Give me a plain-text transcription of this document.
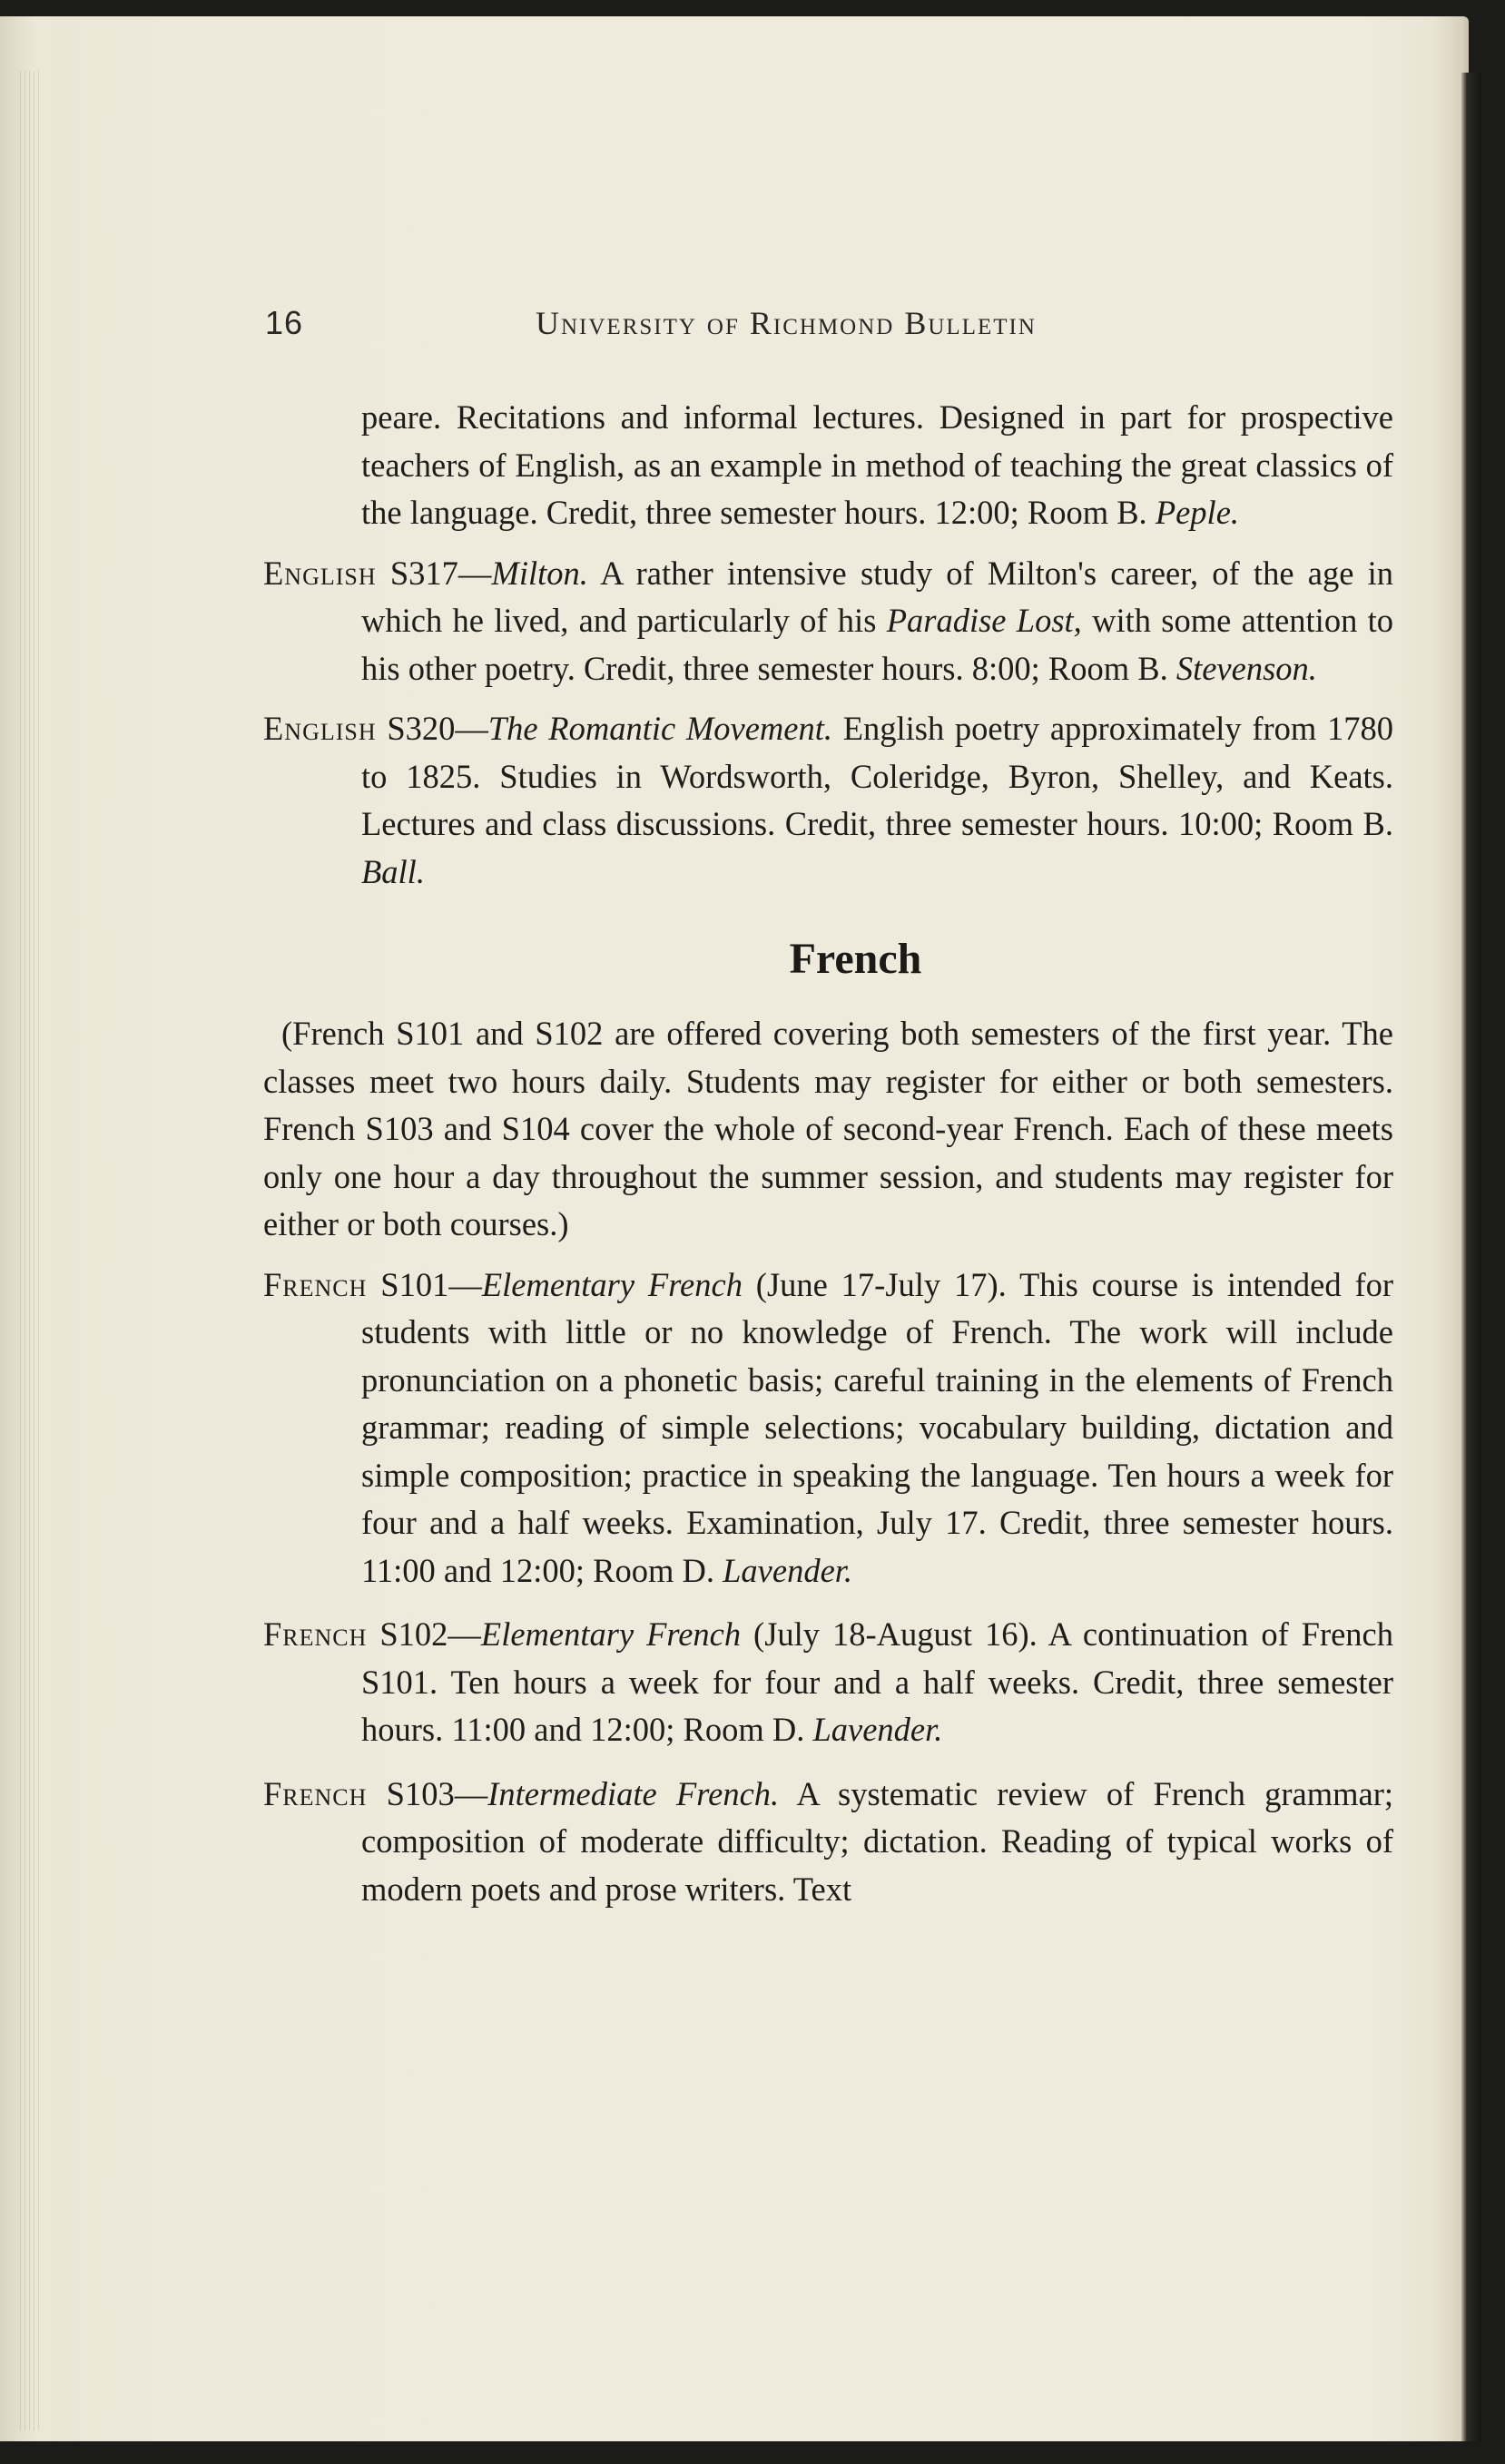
16	University of Richmond Bulletin

peare. Recitations and informal lectures. Designed in part for prospective teachers of English, as an example in method of teaching the great classics of the language. Credit, three semester hours. 12:00; Room B. Peple.

English S317—Milton. A rather intensive study of Milton's career, of the age in which he lived, and particularly of his Paradise Lost, with some attention to his other poetry. Credit, three semester hours. 8:00; Room B. Stevenson.

English S320—The Romantic Movement. English poetry approximately from 1780 to 1825. Studies in Wordsworth, Coleridge, Byron, Shelley, and Keats. Lectures and class discussions. Credit, three semester hours. 10:00; Room B. Ball.

French

(French S101 and S102 are offered covering both semesters of the first year. The classes meet two hours daily. Students may register for either or both semesters. French S103 and S104 cover the whole of second-year French. Each of these meets only one hour a day throughout the summer session, and students may register for either or both courses.)

French S101—Elementary French (June 17-July 17). This course is intended for students with little or no knowledge of French. The work will include pronunciation on a phonetic basis; careful training in the elements of French grammar; reading of simple selections; vocabulary building, dictation and simple composition; practice in speaking the language. Ten hours a week for four and a half weeks. Examination, July 17. Credit, three semester hours. 11:00 and 12:00; Room D. Lavender.

French S102—Elementary French (July 18-August 16). A continuation of French S101. Ten hours a week for four and a half weeks. Credit, three semester hours. 11:00 and 12:00; Room D. Lavender.

French S103—Intermediate French. A systematic review of French grammar; composition of moderate difficulty; dictation. Reading of typical works of modern poets and prose writers. Text
